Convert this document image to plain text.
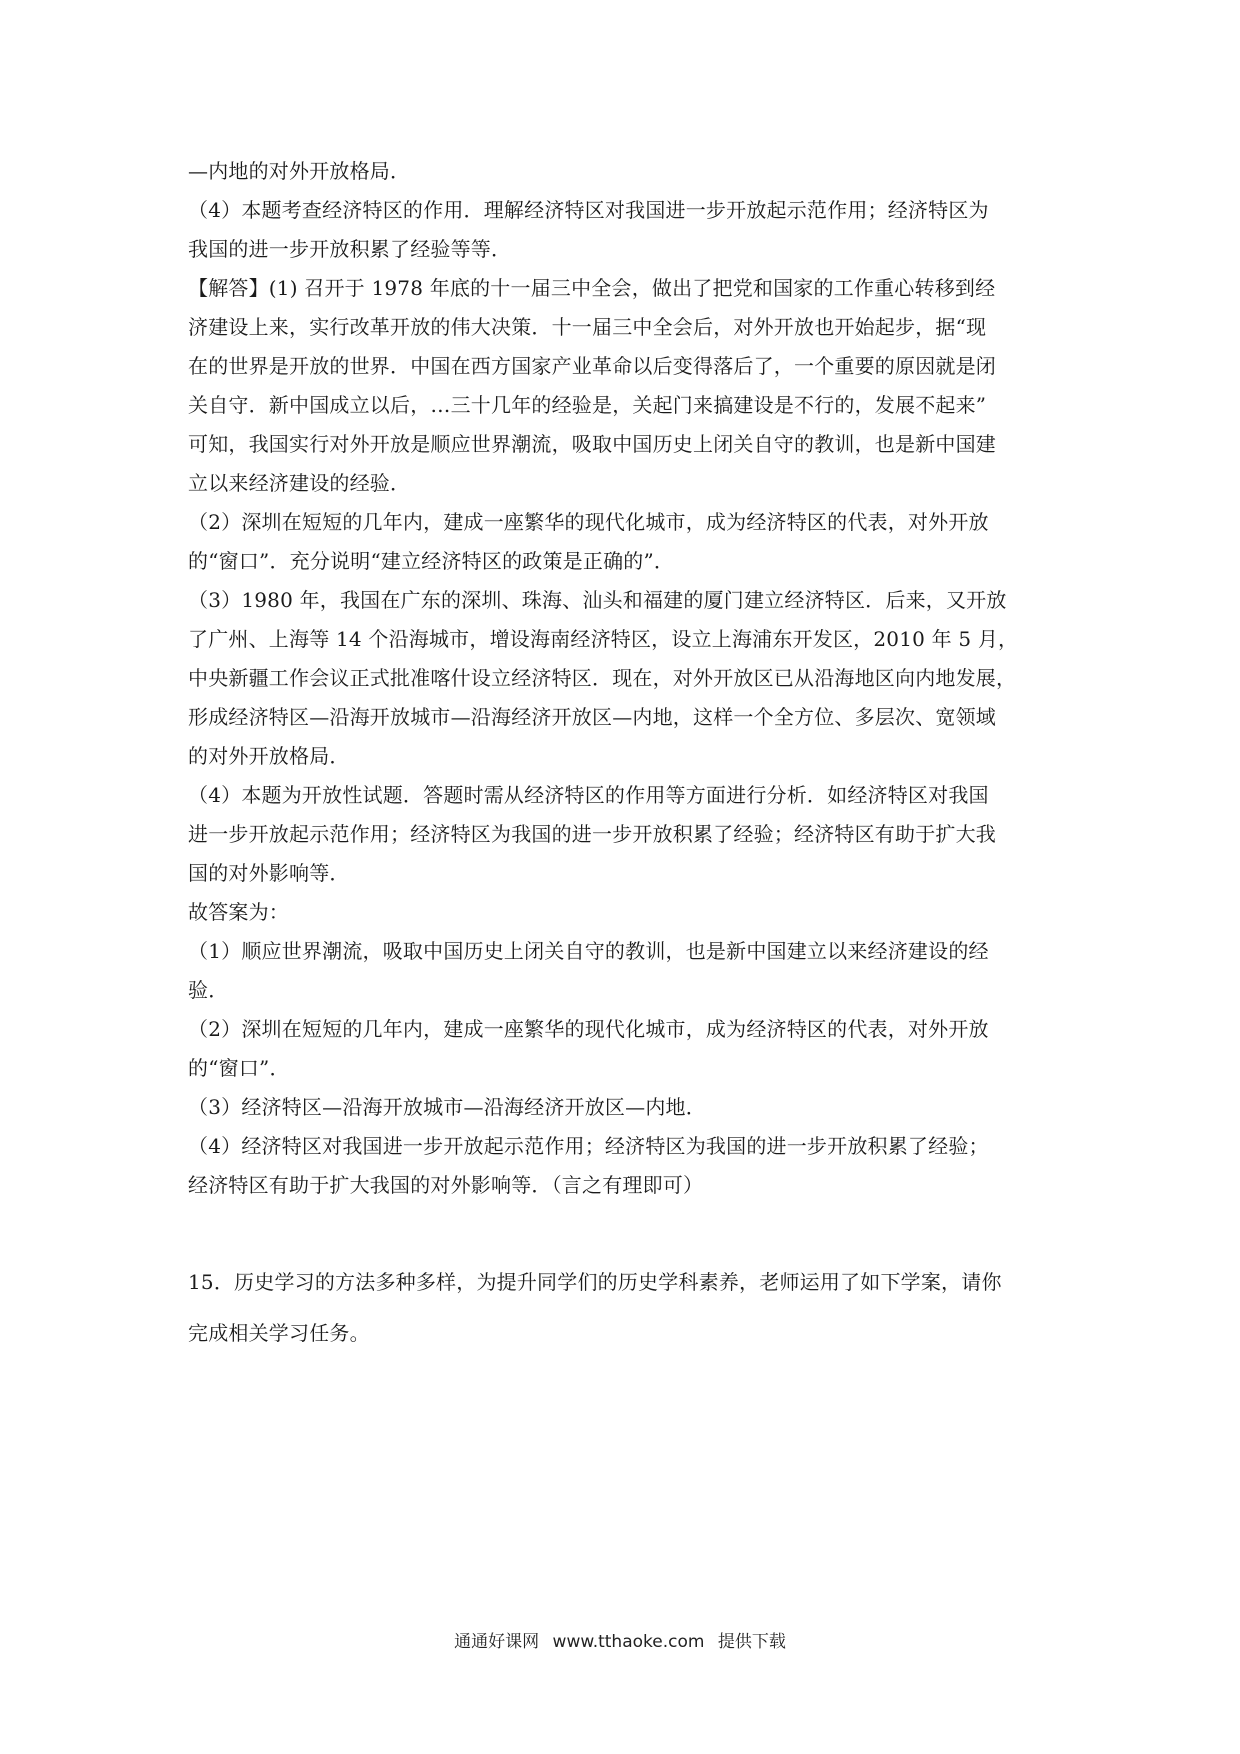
—内地的对外开放格局．
（4）本题考查经济特区的作用．理解经济特区对我国进一步开放起示范作用；经济特区为
我国的进一步开放积累了经验等等．
【解答】(1) 召开于 1978 年底的十一届三中全会，做出了把党和国家的工作重心转移到经
济建设上来，实行改革开放的伟大决策．十一届三中全会后，对外开放也开始起步，据“现
在的世界是开放的世界．中国在西方国家产业革命以后变得落后了，一个重要的原因就是闭
关自守．新中国成立以后，…三十几年的经验是，关起门来搞建设是不行的，发展不起来”
可知，我国实行对外开放是顺应世界潮流，吸取中国历史上闭关自守的教训，也是新中国建
立以来经济建设的经验．
（2）深圳在短短的几年内，建成一座繁华的现代化城市，成为经济特区的代表，对外开放
的“窗口”．充分说明“建立经济特区的政策是正确的”．
（3）1980 年，我国在广东的深圳、珠海、汕头和福建的厦门建立经济特区．后来，又开放
了广州、上海等 14 个沿海城市，增设海南经济特区，设立上海浦东开发区，2010 年 5 月，
中央新疆工作会议正式批准喀什设立经济特区．现在，对外开放区已从沿海地区向内地发展，
形成经济特区—沿海开放城市—沿海经济开放区—内地，这样一个全方位、多层次、宽领域
的对外开放格局．
（4）本题为开放性试题．答题时需从经济特区的作用等方面进行分析．如经济特区对我国
进一步开放起示范作用；经济特区为我国的进一步开放积累了经验；经济特区有助于扩大我
国的对外影响等．
故答案为：
（1）顺应世界潮流，吸取中国历史上闭关自守的教训，也是新中国建立以来经济建设的经
验．
（2）深圳在短短的几年内，建成一座繁华的现代化城市，成为经济特区的代表，对外开放
的“窗口”．
（3）经济特区—沿海开放城市—沿海经济开放区—内地．
（4）经济特区对我国进一步开放起示范作用；经济特区为我国的进一步开放积累了经验；
经济特区有助于扩大我国的对外影响等．（言之有理即可）
15．历史学习的方法多种多样，为提升同学们的历史学科素养，老师运用了如下学案，请你
完成相关学习任务。
通通好课网 www.tthaoke.com 提供下载
